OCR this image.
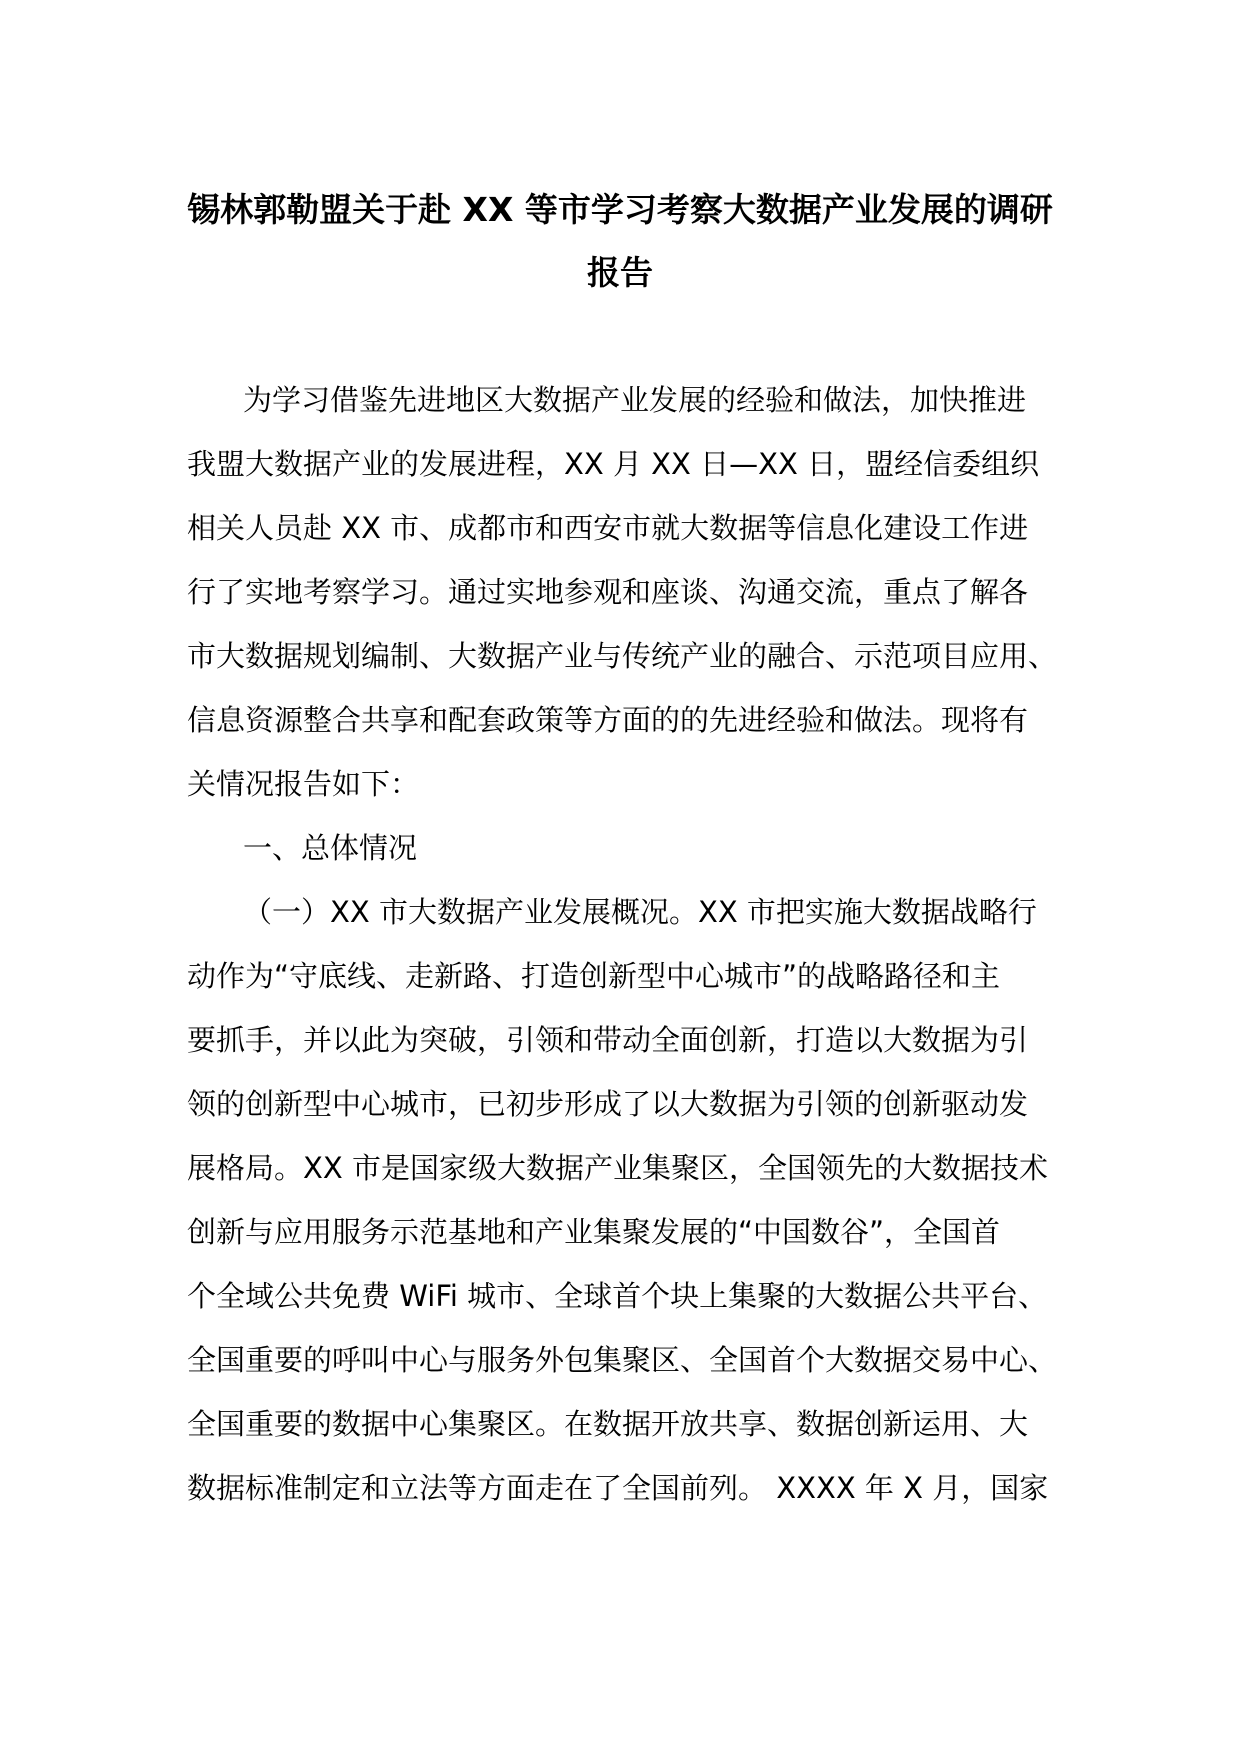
锡林郭勒盟关于赴 XX 等市学习考察大数据产业发展的调研
报告
为学习借鉴先进地区大数据产业发展的经验和做法，加快推进
我盟大数据产业的发展进程，XX 月 XX 日—XX 日，盟经信委组织
相关人员赴 XX 市、成都市和西安市就大数据等信息化建设工作进
行了实地考察学习。通过实地参观和座谈、沟通交流，重点了解各
市大数据规划编制、大数据产业与传统产业的融合、示范项目应用、
信息资源整合共享和配套政策等方面的的先进经验和做法。现将有
关情况报告如下：
一、总体情况
（一）XX 市大数据产业发展概况。XX 市把实施大数据战略行
动作为“守底线、走新路、打造创新型中心城市”的战略路径和主
要抓手，并以此为突破，引领和带动全面创新，打造以大数据为引
领的创新型中心城市，已初步形成了以大数据为引领的创新驱动发
展格局。XX 市是国家级大数据产业集聚区，全国领先的大数据技术
创新与应用服务示范基地和产业集聚发展的“中国数谷”，全国首
个全域公共免费 WiFi 城市、全球首个块上集聚的大数据公共平台、
全国重要的呼叫中心与服务外包集聚区、全国首个大数据交易中心、
全国重要的数据中心集聚区。在数据开放共享、数据创新运用、大
数据标准制定和立法等方面走在了全国前列。 XXXX 年 X 月，国家
